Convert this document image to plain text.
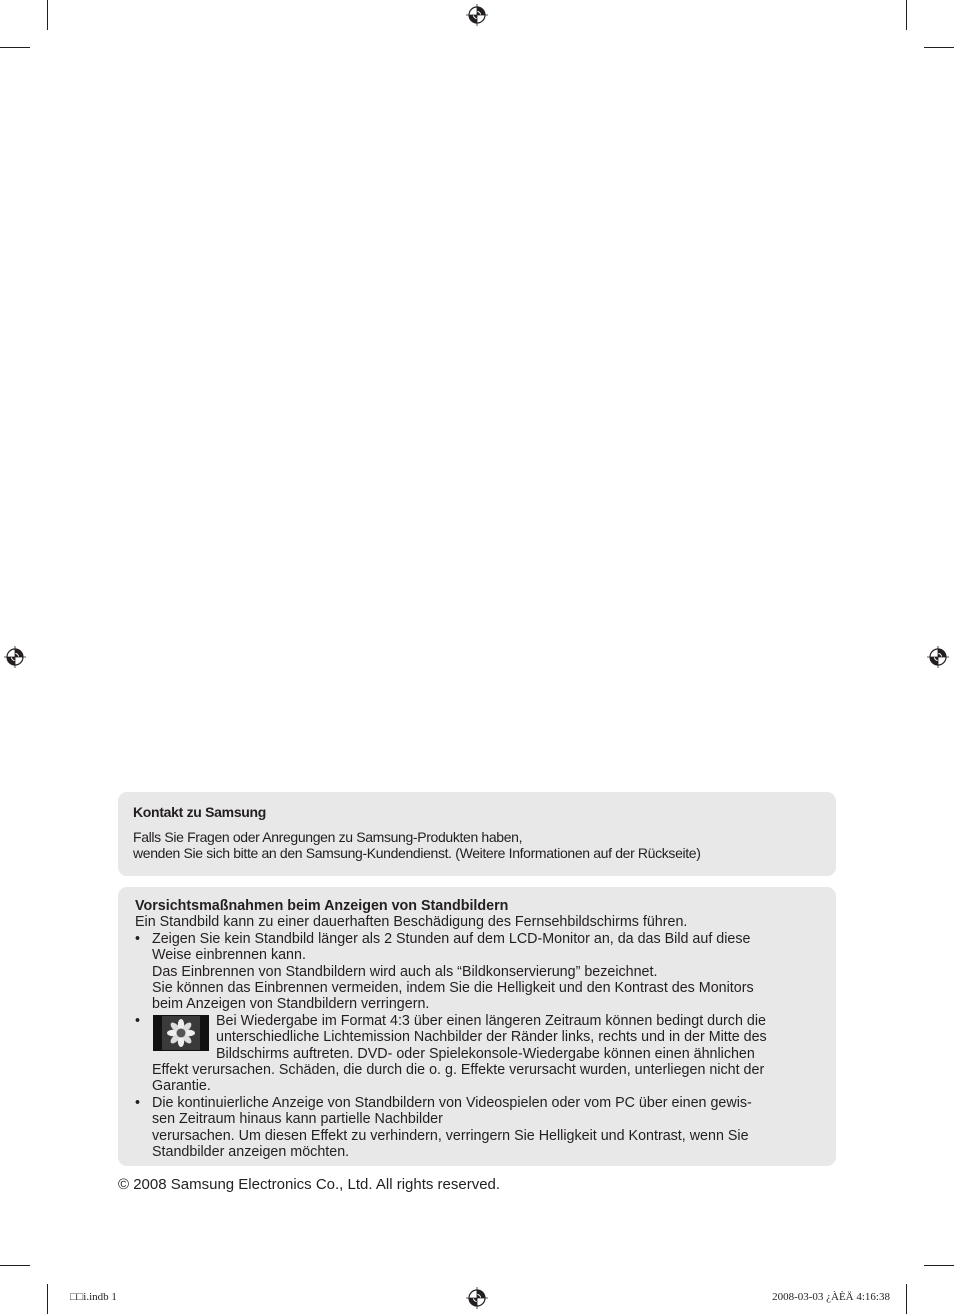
Kontakt zu Samsung

Falls Sie Fragen oder Anregungen zu Samsung-Produkten haben,

wenden Sie sich bitte an den Samsung-Kundendienst. (Weitere Informationen auf der Rückseite)

Vorsichtsmaßnahmen beim Anzeigen von Standbildern

Ein Standbild kann zu einer dauerhaften Beschädigung des Fernsehbildschirms führen.

• Zeigen Sie kein Standbild länger als 2 Stunden auf dem LCD-Monitor an, da das Bild auf diese

Weise einbrennen kann.

Das Einbrennen von Standbildern wird auch als “Bildkonservierung” bezeichnet.

Sie können das Einbrennen vermeiden, indem Sie die Helligkeit und den Kontrast des Monitors

beim Anzeigen von Standbildern verringern.

•	Bei Wiedergabe im Format 4:3 über einen längeren Zeitraum können bedingt durch die

unterschiedliche Lichtemission Nachbilder der Ränder links, rechts und in der Mitte des

Bildschirms auftreten. DVD- oder Spielekonsole-Wiedergabe können einen ähnlichen

Effekt verursachen. Schäden, die durch die o. g. Effekte verursacht wurden, unterliegen nicht der

Garantie.

• Die kontinuierliche Anzeige von Standbildern von Videospielen oder vom PC über einen gewis-

sen Zeitraum hinaus kann partielle Nachbilder

verursachen. Um diesen Effekt zu verhindern, verringern Sie Helligkeit und Kontrast, wenn Sie

Standbilder anzeigen möchten.

© 2008 Samsung Electronics Co., Ltd. All rights reserved.

□□i.indb 1	2008-03-03 ¿ÀÈÄ 4:16:38
